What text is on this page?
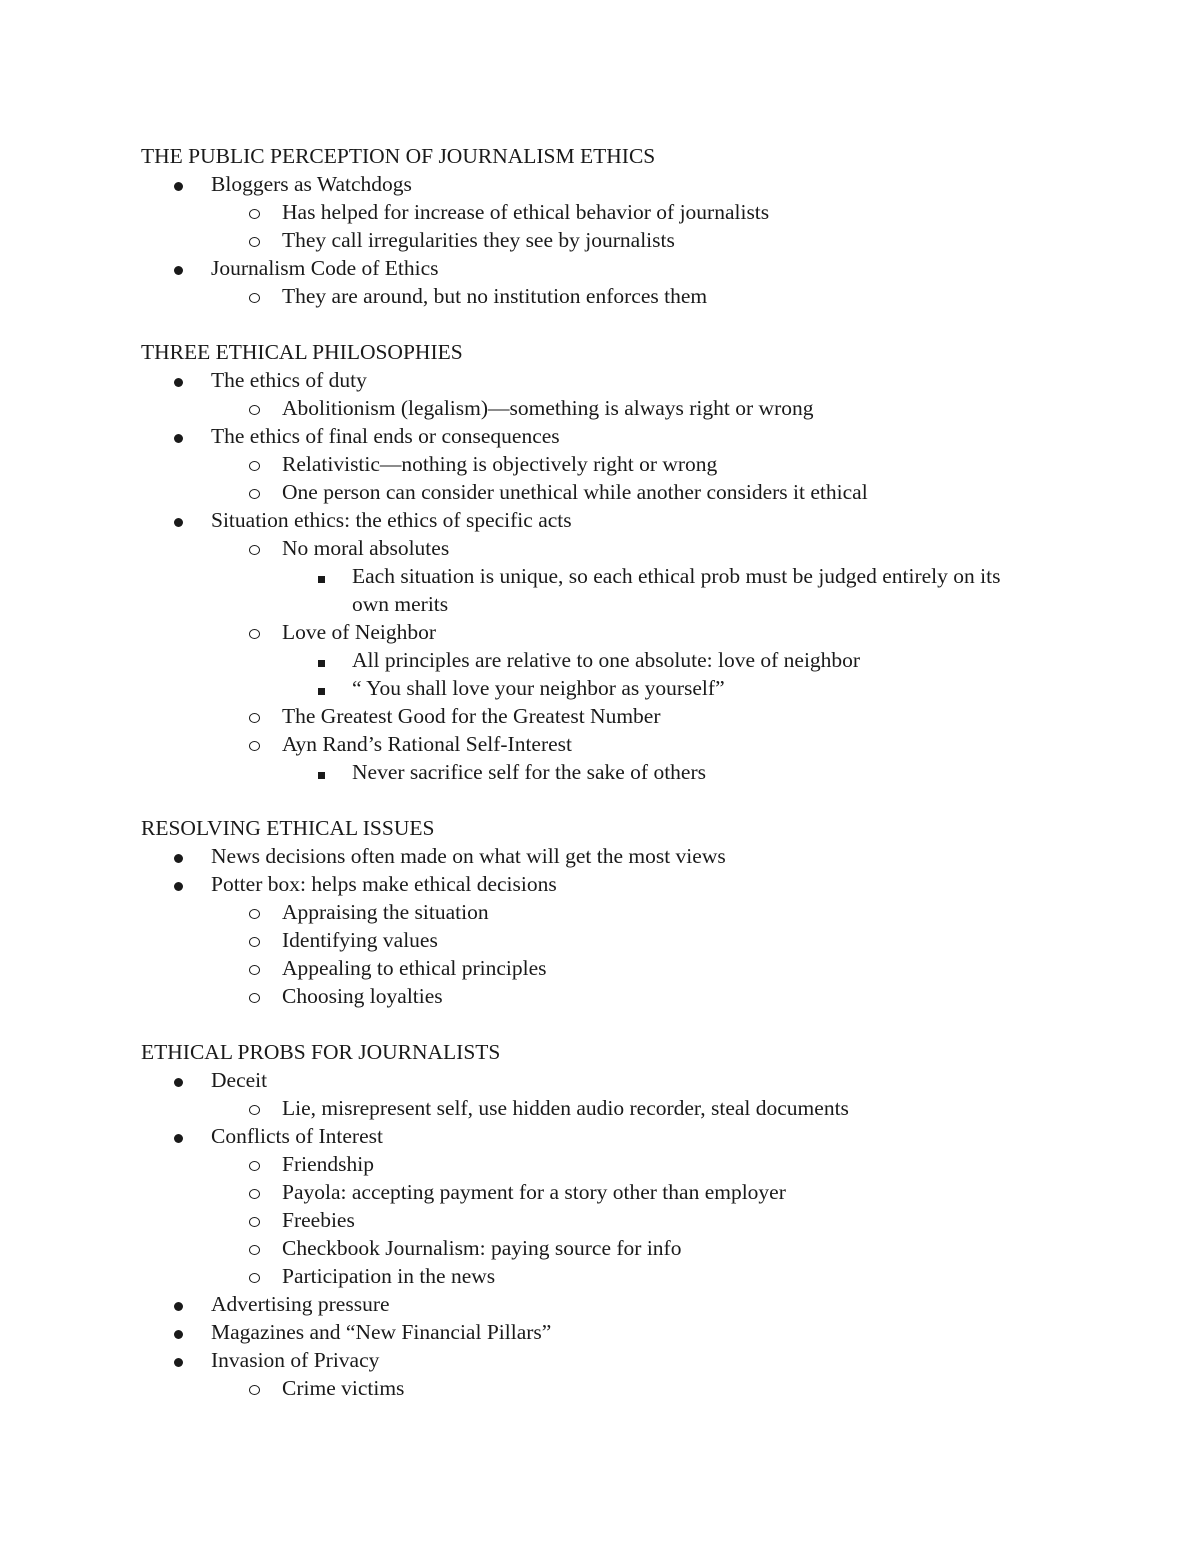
THE PUBLIC PERCEPTION OF JOURNALISM ETHICS
Bloggers as Watchdogs
Has helped for increase of ethical behavior of journalists
They call irregularities they see by journalists
Journalism Code of Ethics
They are around, but no institution enforces them
THREE ETHICAL PHILOSOPHIES
The ethics of duty
Abolitionism (legalism)—something is always right or wrong
The ethics of final ends or consequences
Relativistic—nothing is objectively right or wrong
One person can consider unethical while another considers it ethical
Situation ethics: the ethics of specific acts
No moral absolutes
Each situation is unique, so each ethical prob must be judged entirely on its own merits
Love of Neighbor
All principles are relative to one absolute: love of neighbor
“ You shall love your neighbor as yourself”
The Greatest Good for the Greatest Number
Ayn Rand’s Rational Self-Interest
Never sacrifice self for the sake of others
RESOLVING ETHICAL ISSUES
News decisions often made on what will get the most views
Potter box: helps make ethical decisions
Appraising the situation
Identifying values
Appealing to ethical principles
Choosing loyalties
ETHICAL PROBS FOR JOURNALISTS
Deceit
Lie, misrepresent self, use hidden audio recorder, steal documents
Conflicts of Interest
Friendship
Payola: accepting payment for a story other than employer
Freebies
Checkbook Journalism: paying source for info
Participation in the news
Advertising pressure
Magazines and “New Financial Pillars”
Invasion of Privacy
Crime victims
